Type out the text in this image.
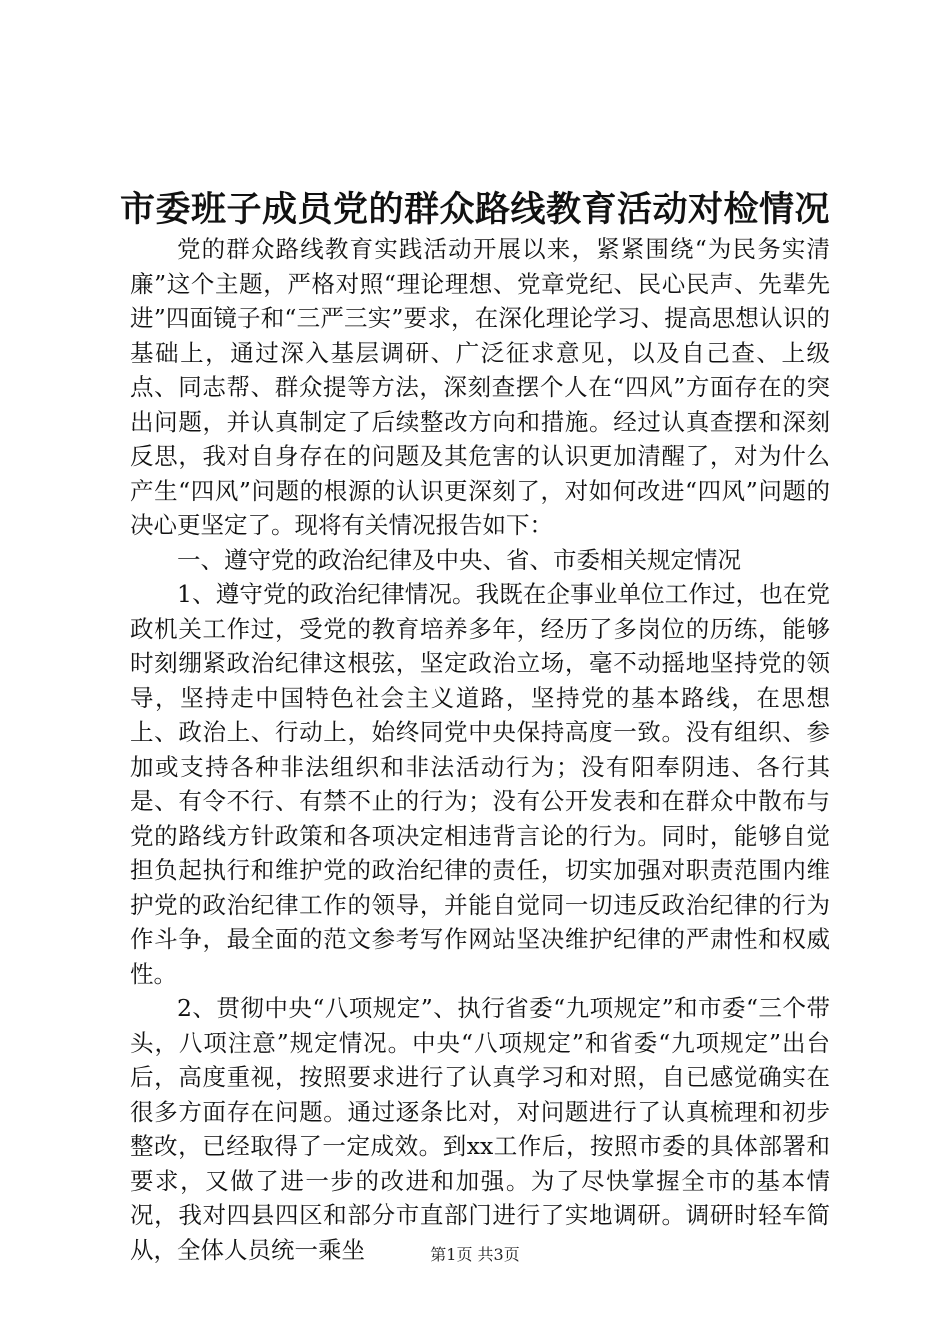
市委班子成员党的群众路线教育活动对检情况

党的群众路线教育实践活动开展以来，紧紧围绕“为民务实清廉”这个主题，严格对照“理论理想、党章党纪、民心民声、先辈先进”四面镜子和“三严三实”要求，在深化理论学习、提高思想认识的基础上，通过深入基层调研、广泛征求意见，以及自己查、上级点、同志帮、群众提等方法，深刻查摆个人在“四风”方面存在的突出问题，并认真制定了后续整改方向和措施。经过认真查摆和深刻反思，我对自身存在的问题及其危害的认识更加清醒了，对为什么产生“四风”问题的根源的认识更深刻了，对如何改进“四风”问题的决心更坚定了。现将有关情况报告如下：

一、遵守党的政治纪律及中央、省、市委相关规定情况

1、遵守党的政治纪律情况。我既在企事业单位工作过，也在党政机关工作过，受党的教育培养多年，经历了多岗位的历练，能够时刻绷紧政治纪律这根弦，坚定政治立场，毫不动摇地坚持党的领导，坚持走中国特色社会主义道路，坚持党的基本路线，在思想上、政治上、行动上，始终同党中央保持高度一致。没有组织、参加或支持各种非法组织和非法活动行为；没有阳奉阴违、各行其是、有令不行、有禁不止的行为；没有公开发表和在群众中散布与党的路线方针政策和各项决定相违背言论的行为。同时，能够自觉担负起执行和维护党的政治纪律的责任，切实加强对职责范围内维护党的政治纪律工作的领导，并能自觉同一切违反政治纪律的行为作斗争，最全面的范文参考写作网站坚决维护纪律的严肃性和权威性。

2、贯彻中央“八项规定”、执行省委“九项规定”和市委“三个带头，八项注意”规定情况。中央“八项规定”和省委“九项规定”出台后，高度重视，按照要求进行了认真学习和对照，自已感觉确实在很多方面存在问题。通过逐条比对，对问题进行了认真梳理和初步整改，已经取得了一定成效。到xx工作后，按照市委的具体部署和要求，又做了进一步的改进和加强。为了尽快掌握全市的基本情况，我对四县四区和部分市直部门进行了实地调研。调研时轻车简从，全体人员统一乘坐	第1页 共3页
